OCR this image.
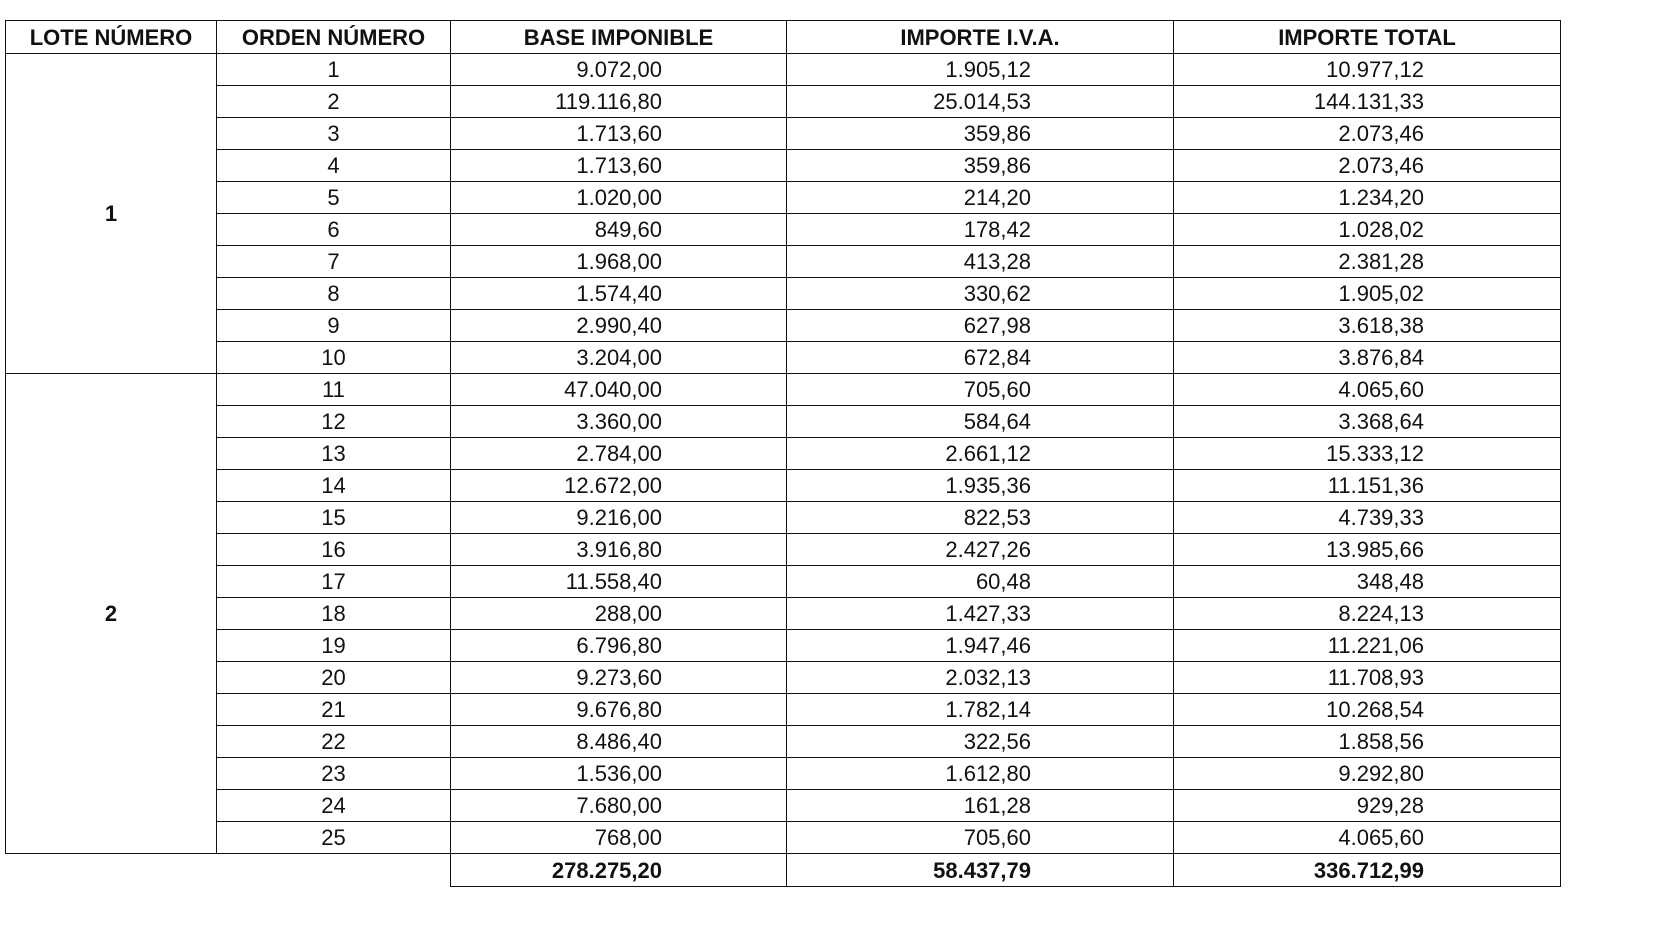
LOTE NÚMERO	ORDEN NÚMERO	BASE IMPONIBLE	IMPORTE I.V.A.	IMPORTE TOTAL
1	1	9.072,00	1.905,12	10.977,12
	2	119.116,80	25.014,53	144.131,33
	3	1.713,60	359,86	2.073,46
	4	1.713,60	359,86	2.073,46
	5	1.020,00	214,20	1.234,20
	6	849,60	178,42	1.028,02
	7	1.968,00	413,28	2.381,28
	8	1.574,40	330,62	1.905,02
	9	2.990,40	627,98	3.618,38
	10	3.204,00	672,84	3.876,84
2	11	47.040,00	705,60	4.065,60
	12	3.360,00	584,64	3.368,64
	13	2.784,00	2.661,12	15.333,12
	14	12.672,00	1.935,36	11.151,36
	15	9.216,00	822,53	4.739,33
	16	3.916,80	2.427,26	13.985,66
	17	11.558,40	60,48	348,48
	18	288,00	1.427,33	8.224,13
	19	6.796,80	1.947,46	11.221,06
	20	9.273,60	2.032,13	11.708,93
	21	9.676,80	1.782,14	10.268,54
	22	8.486,40	322,56	1.858,56
	23	1.536,00	1.612,80	9.292,80
	24	7.680,00	161,28	929,28
	25	768,00	705,60	4.065,60
		278.275,20	58.437,79	336.712,99
